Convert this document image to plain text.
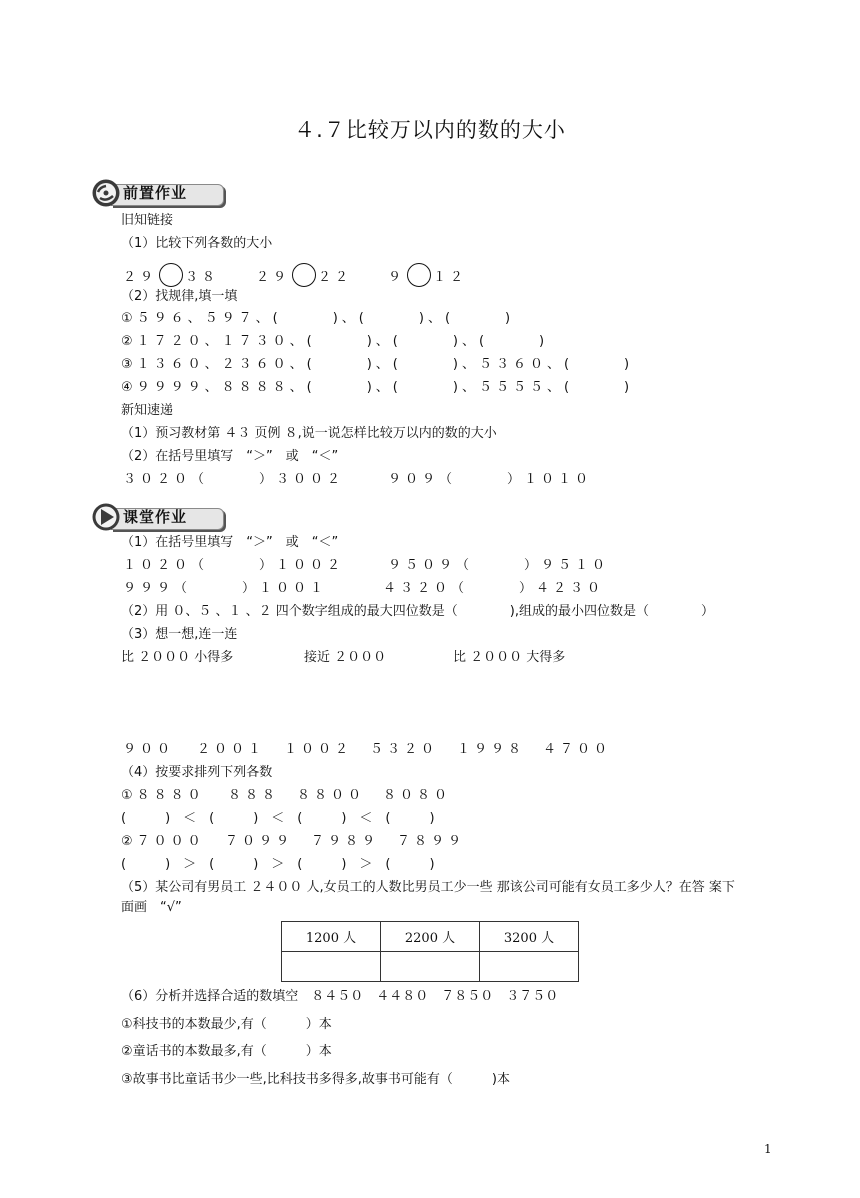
４.７比较万以内的数的大小
前置作业
旧知链接
（1）比较下列各数的大小
２９ ３８	２９ ２２	９ １２
（2）找规律,填一填
①５９６、５９７、(　　　)、(　　　)、(　　　)
②１７２０、１７３０、(　　　)、(　　　)、(　　　)
③１３６０、２３６０、(　　　)、(　　　)、５３６０、(　　　)
④９９９９、８８８８、(　　　)、(　　　)、５５５５、(　　　)
新知速递
（1）预习教材第 ４３ 页例 ８,说一说怎样比较万以内的数的大小
（2）在括号里填写　“＞”　或　“＜”
３０２０（　　　）３００２	９０９（　　　）１０１０
课堂作业
（1）在括号里填写　“＞”　或　“＜”
１０２０（　　　）１００２	９５０９（　　　）９５１０
９９９（　　　）１００１	４３２０（　　　）４２３０
（2）用 ０、５ 、１ 、２ 四个数字组成的最大四位数是（　　　　),组成的最小四位数是（　　　　）
（3）想一想,连一连
比 ２０００ 小得多	接近 ２０００	比 ２０００ 大得多
９００ ２００１ １００２ ５３２０ １９９８ ４７００
（4）按要求排列下列各数
①８８８０ ８８８ ８８００ ８０８０
(　　　)　＜　(　　　)　＜　(　　　)　＜　(　　　)
②７０００ ７０９９ ７９８９ ７８９９
(　　　)　＞　(　　　)　＞　(　　　)　＞　(　　　)
（5）某公司有男员工 ２４００ 人,女员工的人数比男员工少一些 那该公司可能有女员工多少人？在答 案下
面画　“√”
1200 人	2200 人	3200 人

（6）分析并选择合适的数填空　８４５０　４４８０　７８５０　３７５０
①科技书的本数最少,有（　　　）本
②童话书的本数最多,有（　　　）本
③故事书比童话书少一些,比科技书多得多,故事书可能有（　　　)本
1
